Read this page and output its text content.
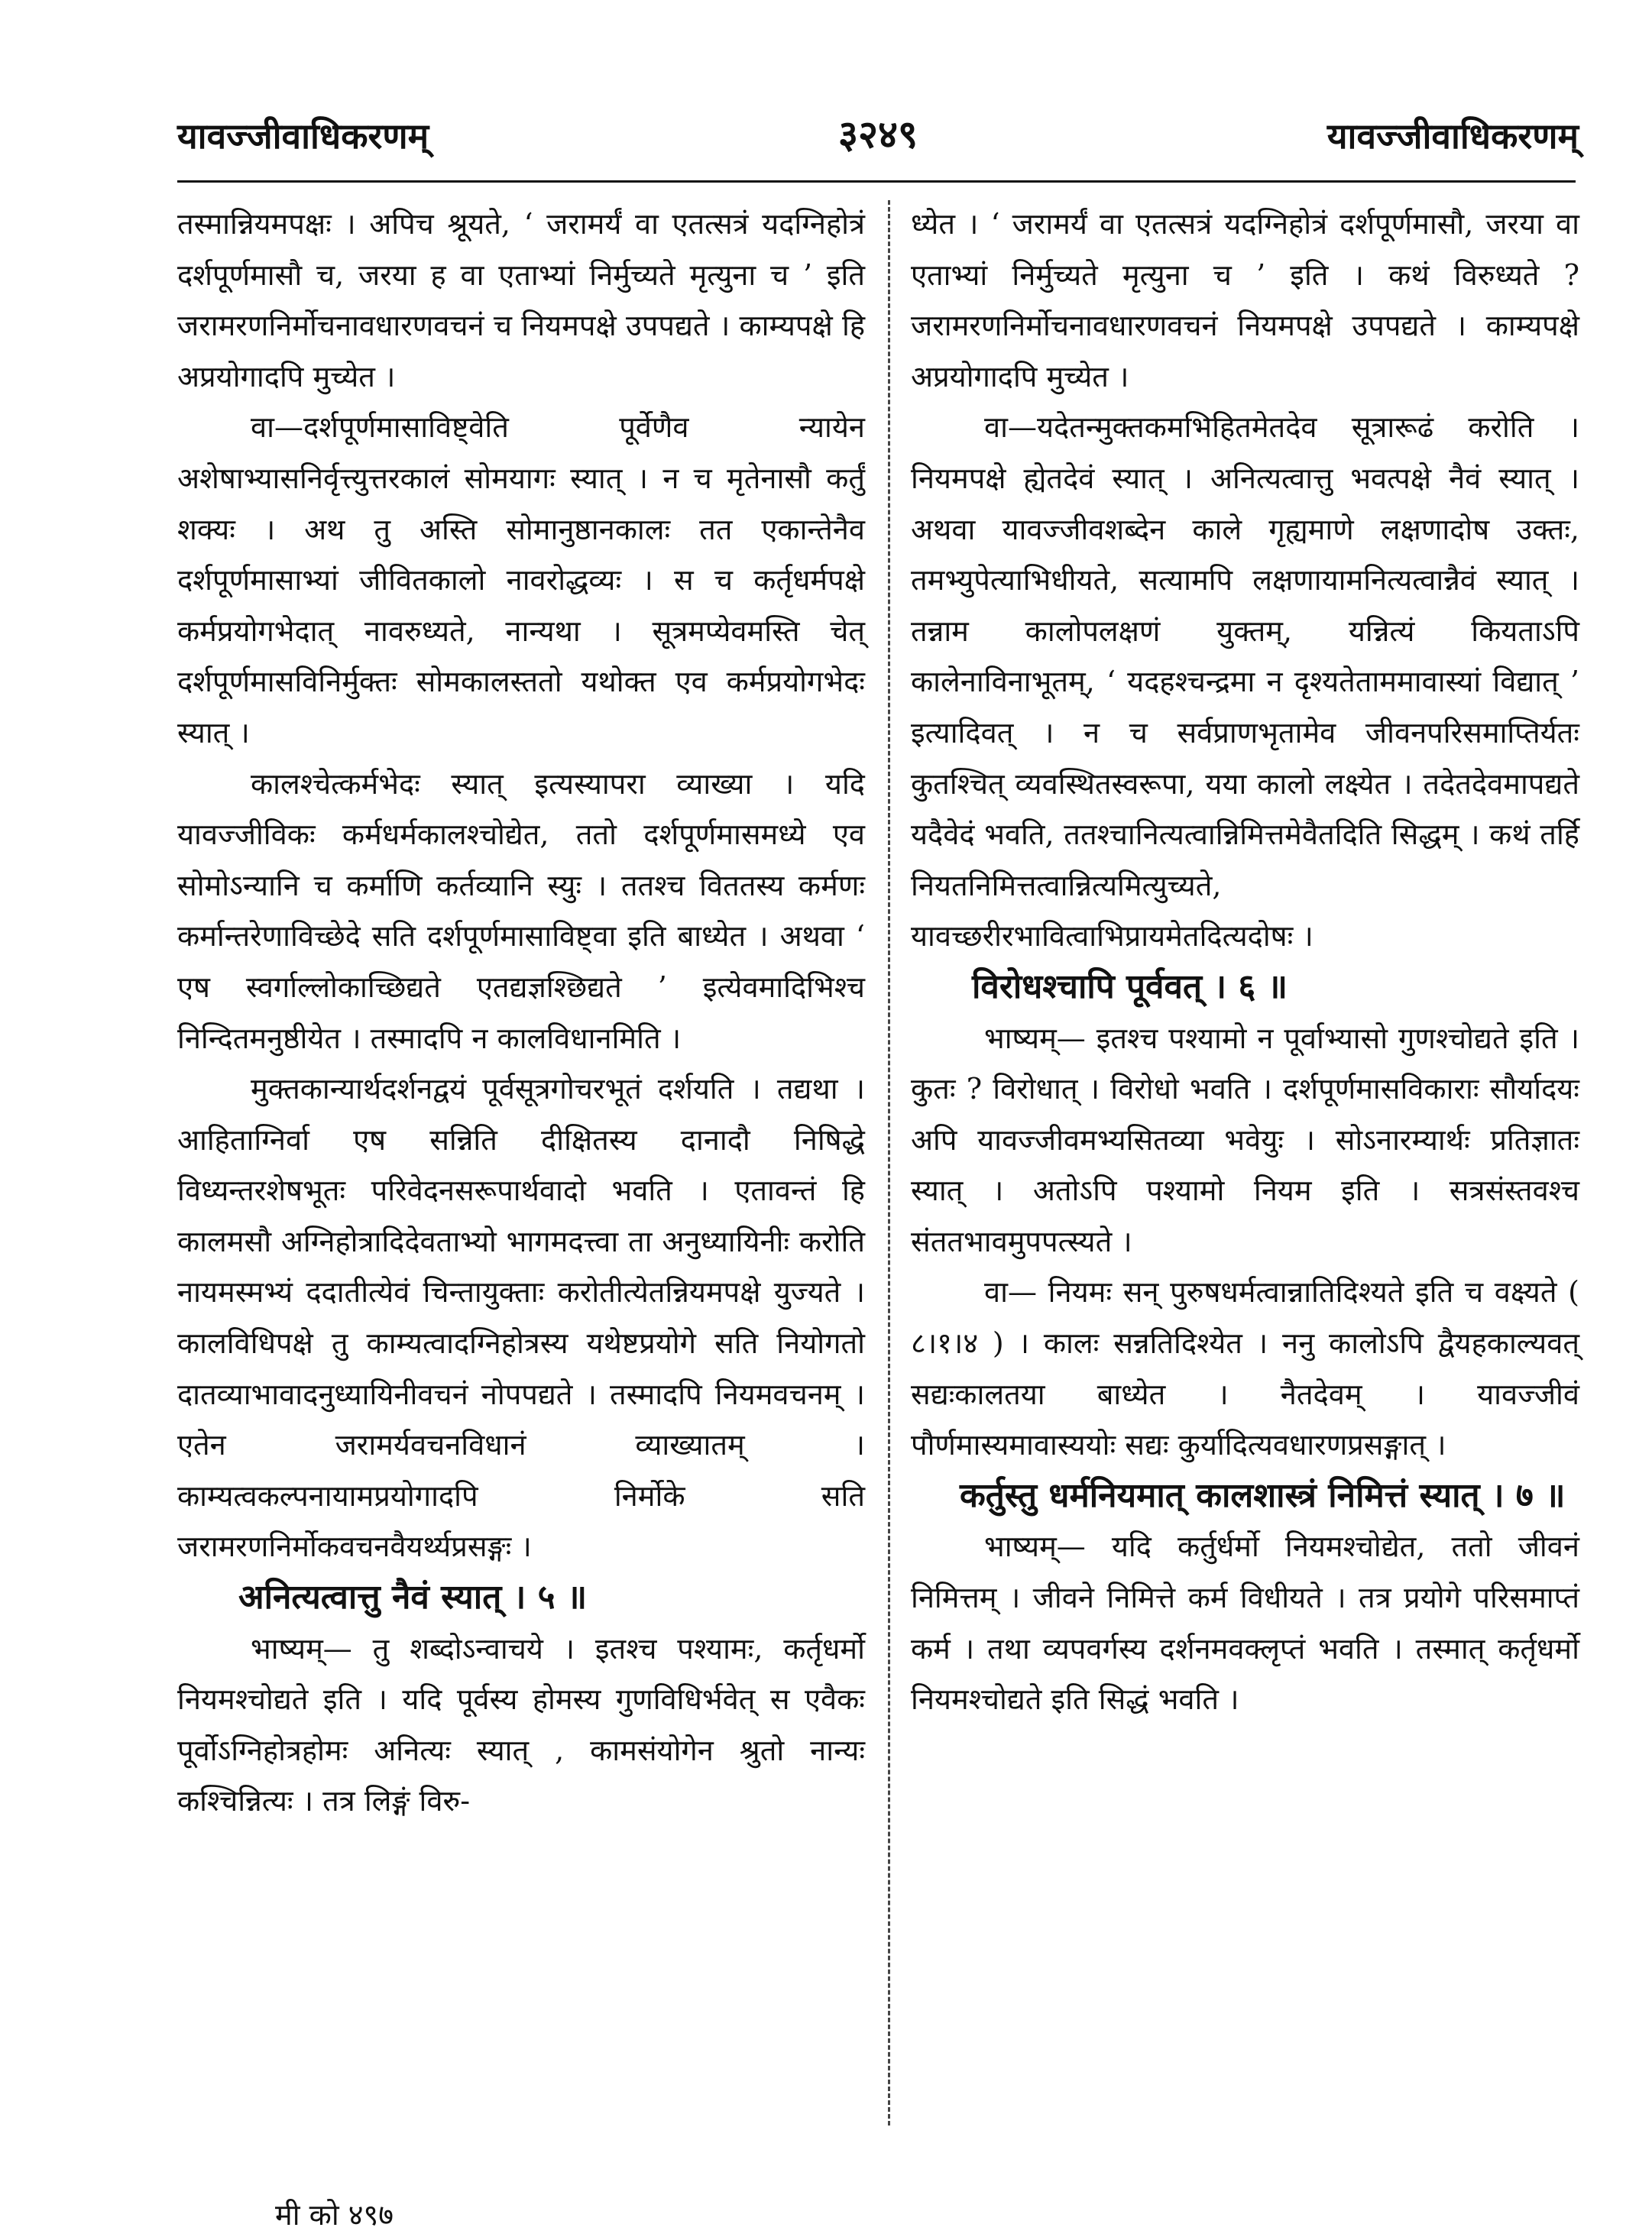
यावज्जीवाधिकरणम्	३२४९	यावज्जीवाधिकरणम्

तस्मान्नियमपक्षः । अपिच श्रूयते, ‘ जरामर्यं वा एतत्सत्रं यदग्निहोत्रं दर्शपूर्णमासौ च, जरया ह वा एताभ्यां निर्मुच्यते मृत्युना च ’ इति जरामरणनिर्मोचनावधारणवचनं च नियमपक्षे उपपद्यते । काम्यपक्षे हि अप्रयोगादपि मुच्येत ।

वा—दर्शपूर्णमासाविष्ट्वेति पूर्वेणैव न्यायेन अशेषाभ्यासनिर्वृत्त्युत्तरकालं सोमयागः स्यात् । न च मृतेनासौ कर्तुं शक्यः । अथ तु अस्ति सोमानुष्ठानकालः तत एकान्तेनैव दर्शपूर्णमासाभ्यां जीवितकालो नावरोद्धव्यः । स च कर्तृधर्मपक्षे कर्मप्रयोगभेदात् नावरुध्यते, नान्यथा । सूत्रमप्येवमस्ति चेत् दर्शपूर्णमासविनिर्मुक्तः सोमकालस्ततो यथोक्त एव कर्मप्रयोगभेदः स्यात् ।

कालश्चेत्कर्मभेदः स्यात् इत्यस्यापरा व्याख्या । यदि यावज्जीविकः कर्मधर्मकालश्चोद्येत, ततो दर्शपूर्णमासमध्ये एव सोमोऽन्यानि च कर्माणि कर्तव्यानि स्युः । ततश्च विततस्य कर्मणः कर्मान्तरेणाविच्छेदे सति दर्शपूर्णमासाविष्ट्वा इति बाध्येत । अथवा ‘ एष स्वर्गाल्लोकाच्छिद्यते एतद्यज्ञश्छिद्यते ’ इत्येवमादिभिश्च निन्दितमनुष्ठीयेत । तस्मादपि न कालविधानमिति ।

मुक्तकान्यार्थदर्शनद्वयं पूर्वसूत्रगोचरभूतं दर्शयति । तद्यथा । आहिताग्निर्वा एष सन्निति दीक्षितस्य दानादौ निषिद्धे विध्यन्तरशेषभूतः परिवेदनसरूपार्थवादो भवति । एतावन्तं हि कालमसौ अग्निहोत्रादिदेवताभ्यो भागमदत्त्वा ता अनुध्यायिनीः करोति नायमस्मभ्यं ददातीत्येवं चिन्तायुक्ताः करोतीत्येतन्नियमपक्षे युज्यते । कालविधिपक्षे तु काम्यत्वादग्निहोत्रस्य यथेष्टप्रयोगे सति नियोगतो दातव्याभावादनुध्यायिनीवचनं नोपपद्यते । तस्मादपि नियमवचनम् । एतेन जरामर्यवचनविधानं व्याख्यातम् । काम्यत्वकल्पनायामप्रयोगादपि निर्मोके सति जरामरणनिर्मोकवचनवैयर्थ्यप्रसङ्गः ।

अनित्यत्वात्तु नैवं स्यात् । ५ ॥

भाष्यम्— तु शब्दोऽन्वाचये । इतश्च पश्यामः, कर्तृधर्मो नियमश्चोद्यते इति । यदि पूर्वस्य होमस्य गुणविधिर्भवेत् स एवैकः पूर्वोऽग्निहोत्रहोमः अनित्यः स्यात् , कामसंयोगेन श्रुतो नान्यः कश्चिन्नित्यः । तत्र लिङ्गं विरु-

ध्येत । ‘ जरामर्यं वा एतत्सत्रं यदग्निहोत्रं दर्शपूर्णमासौ, जरया वा एताभ्यां निर्मुच्यते मृत्युना च ’ इति । कथं विरुध्यते ? जरामरणनिर्मोचनावधारणवचनं नियमपक्षे उपपद्यते । काम्यपक्षे अप्रयोगादपि मुच्येत ।

वा—यदेतन्मुक्तकमभिहितमेतदेव सूत्रारूढं करोति । नियमपक्षे ह्येतदेवं स्यात् । अनित्यत्वात्तु भवत्पक्षे नैवं स्यात् । अथवा यावज्जीवशब्देन काले गृह्यमाणे लक्षणादोष उक्तः, तमभ्युपेत्याभिधीयते, सत्यामपि लक्षणायामनित्यत्वान्नैवं स्यात् । तन्नाम कालोपलक्षणं युक्तम्, यन्नित्यं कियताऽपि कालेनाविनाभूतम्, ‘ यदहश्चन्द्रमा न दृश्यतेताममावास्यां विद्यात् ’ इत्यादिवत् । न च सर्वप्राणभृतामेव जीवनपरिसमाप्तिर्यतः कुतश्चित् व्यवस्थितस्वरूपा, यया कालो लक्ष्येत । तदेतदेवमापद्यते यदैवेदं भवति, ततश्चानित्यत्वान्निमित्तमेवैतदिति सिद्धम् । कथं तर्हि नियतनिमित्तत्वान्नित्यमित्युच्यते, यावच्छरीरभावित्वाभिप्रायमेतदित्यदोषः ।

विरोधश्चापि पूर्ववत् । ६ ॥

भाष्यम्— इतश्च पश्यामो न पूर्वाभ्यासो गुणश्चोद्यते इति । कुतः ? विरोधात् । विरोधो भवति । दर्शपूर्णमासविकाराः सौर्यादयः अपि यावज्जीवमभ्यसितव्या भवेयुः । सोऽनारम्यार्थः प्रतिज्ञातः स्यात् । अतोऽपि पश्यामो नियम इति । सत्रसंस्तवश्च संततभावमुपपत्स्यते ।

वा— नियमः सन् पुरुषधर्मत्वान्नातिदिश्यते इति च वक्ष्यते ( ८।१।४ ) । कालः सन्नतिदिश्येत । ननु कालोऽपि द्वैयहकाल्यवत् सद्यःकालतया बाध्येत । नैतदेवम् । यावज्जीवं पौर्णमास्यमावास्ययोः सद्यः कुर्यादित्यवधारणप्रसङ्गात् ।

कर्तुस्तु धर्मनियमात् कालशास्त्रं निमित्तं स्यात् । ७ ॥

भाष्यम्— यदि कर्तुर्धर्मो नियमश्चोद्येत, ततो जीवनं निमित्तम् । जीवने निमित्ते कर्म विधीयते । तत्र प्रयोगे परिसमाप्तं कर्म । तथा व्यपवर्गस्य दर्शनमवक्लृप्तं भवति । तस्मात् कर्तृधर्मो नियमश्चोद्यते इति सिद्धं भवति ।

मी को ४९७
